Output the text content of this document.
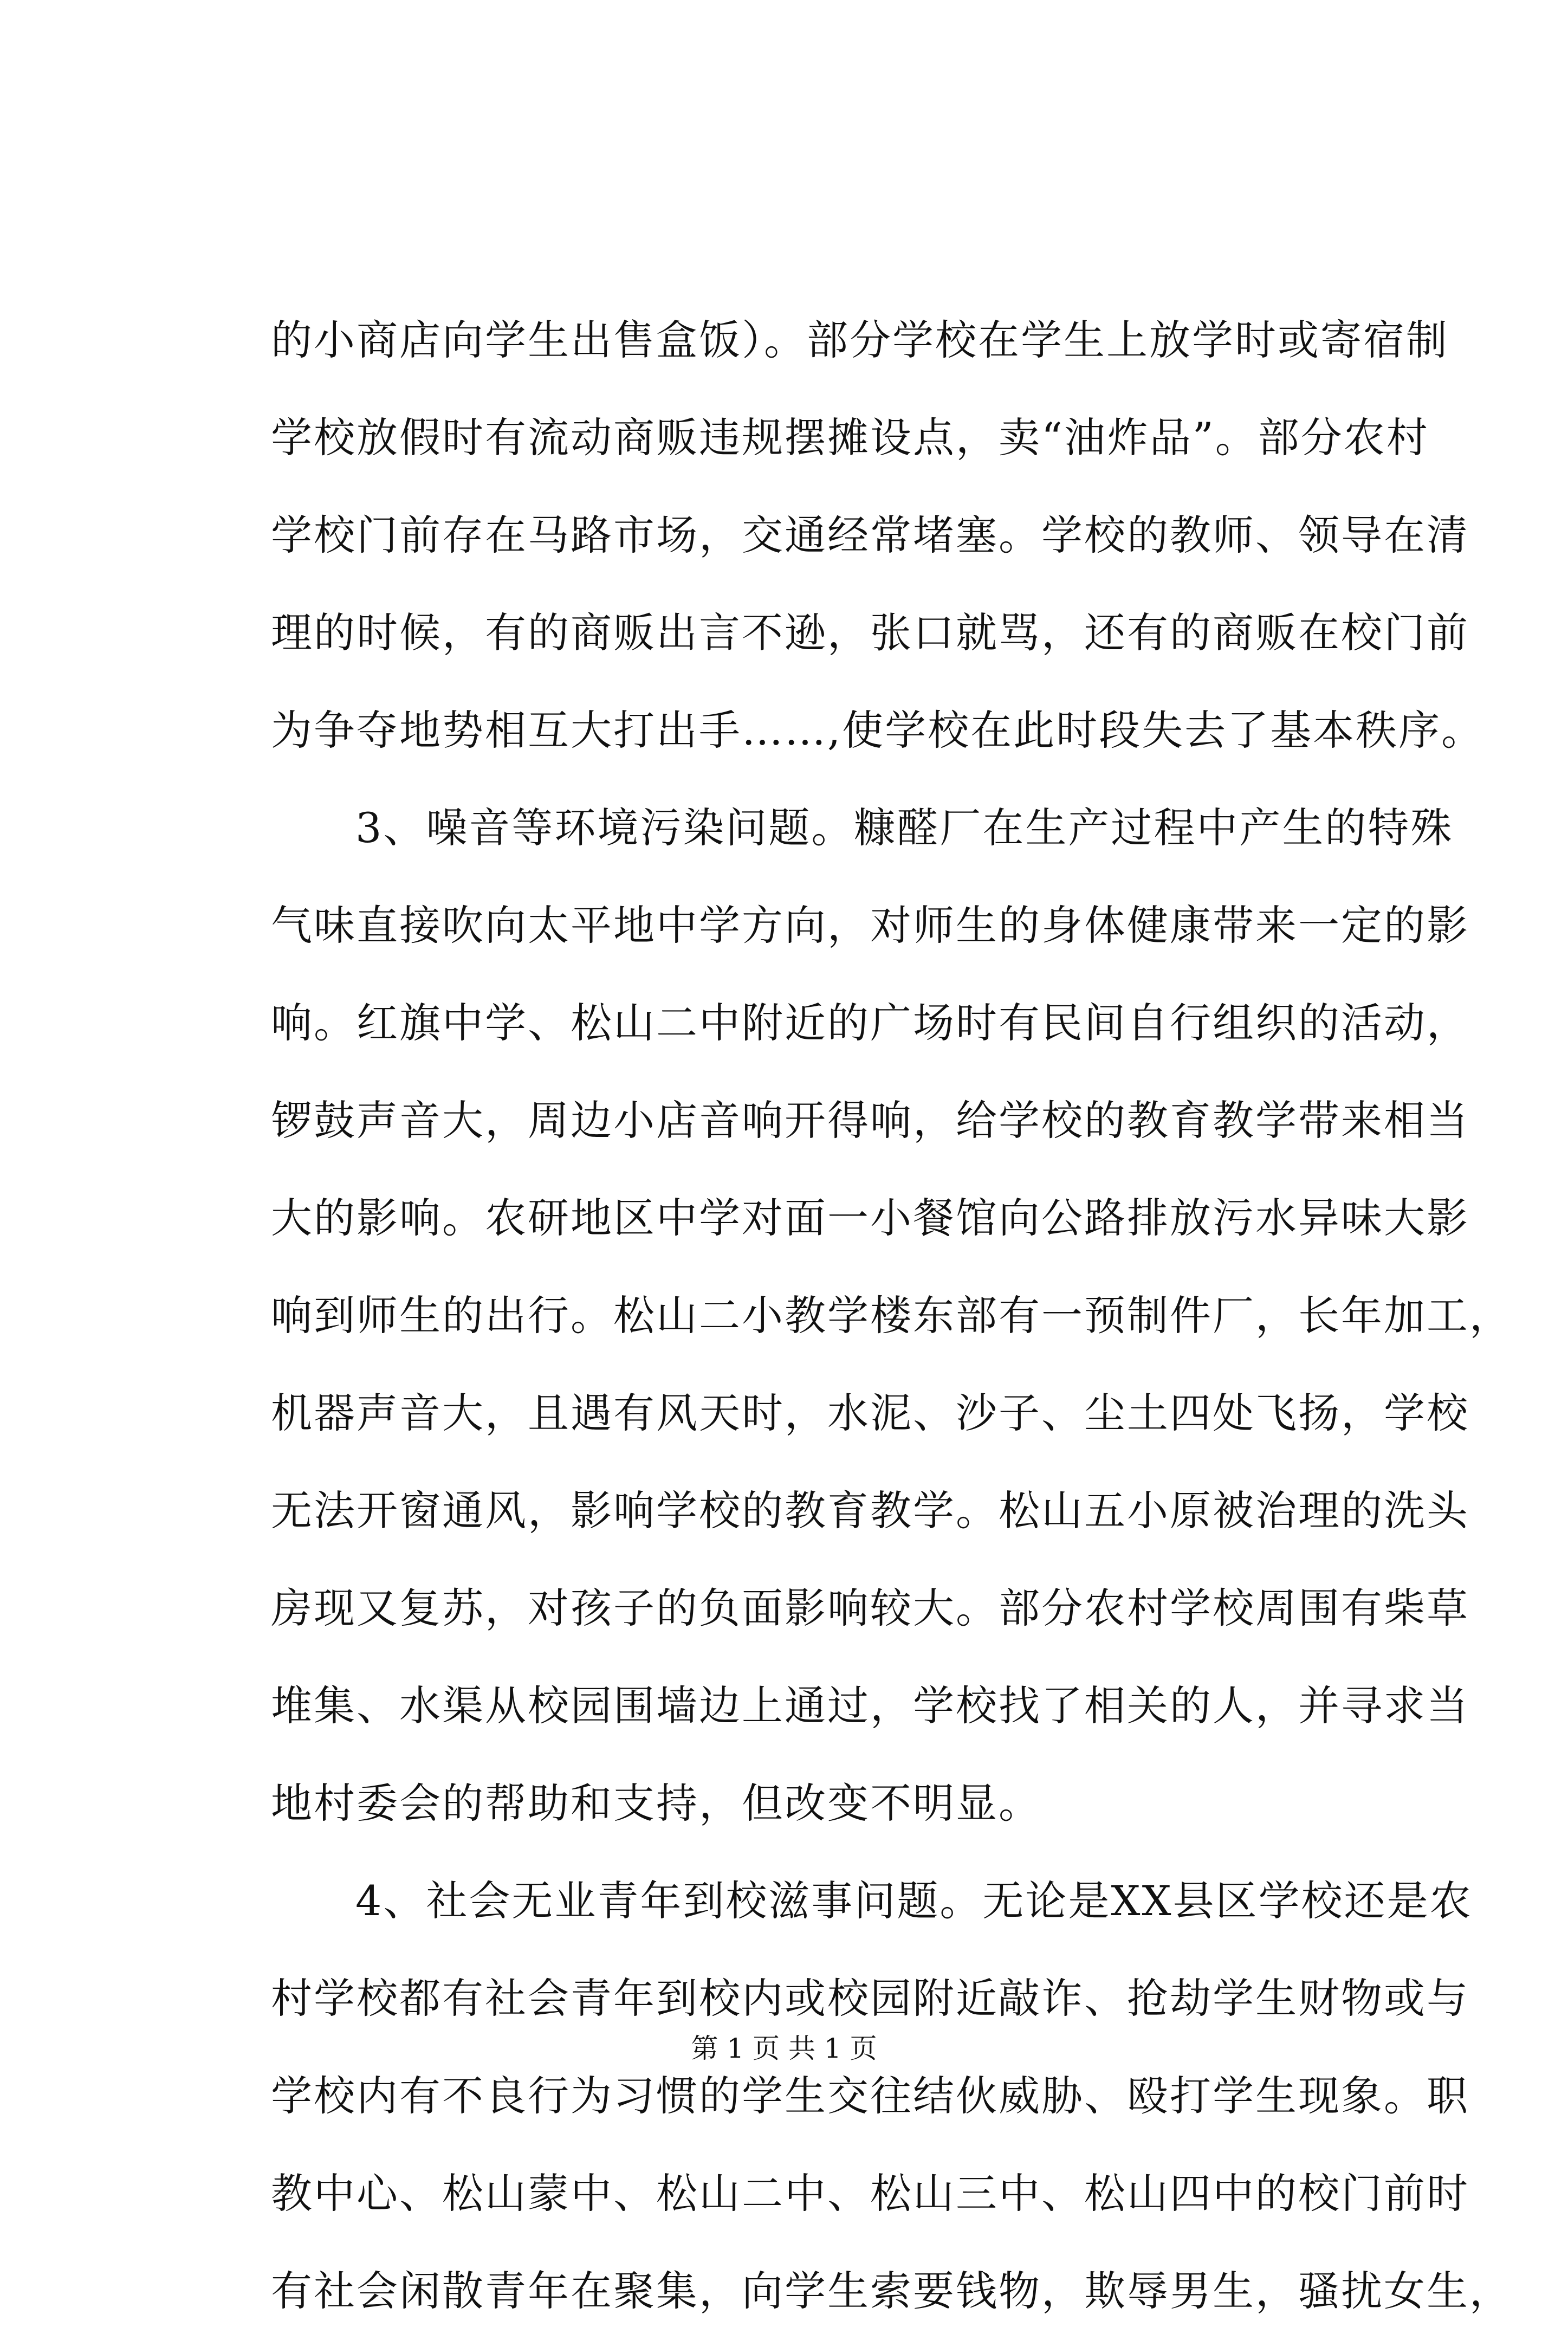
的小商店向学生出售盒饭）。部分学校在学生上放学时或寄宿制
学校放假时有流动商贩违规摆摊设点，卖“油炸品”。部分农村
学校门前存在马路市场，交通经常堵塞。学校的教师、领导在清
理的时候，有的商贩出言不逊，张口就骂，还有的商贩在校门前
为争夺地势相互大打出手……,使学校在此时段失去了基本秩序。
3、噪音等环境污染问题。糠醛厂在生产过程中产生的特殊
气味直接吹向太平地中学方向，对师生的身体健康带来一定的影
响。红旗中学、松山二中附近的广场时有民间自行组织的活动，
锣鼓声音大，周边小店音响开得响，给学校的教育教学带来相当
大的影响。农研地区中学对面一小餐馆向公路排放污水异味大影
响到师生的出行。松山二小教学楼东部有一预制件厂，长年加工，
机器声音大，且遇有风天时，水泥、沙子、尘土四处飞扬，学校
无法开窗通风，影响学校的教育教学。松山五小原被治理的洗头
房现又复苏，对孩子的负面影响较大。部分农村学校周围有柴草
堆集、水渠从校园围墙边上通过，学校找了相关的人，并寻求当
地村委会的帮助和支持，但改变不明显。
4、社会无业青年到校滋事问题。无论是XX县区学校还是农
村学校都有社会青年到校内或校园附近敲诈、抢劫学生财物或与
学校内有不良行为习惯的学生交往结伙威胁、殴打学生现象。职
教中心、松山蒙中、松山二中、松山三中、松山四中的校门前时
有社会闲散青年在聚集，向学生索要钱物，欺辱男生，骚扰女生，
第 1 页 共 1 页
